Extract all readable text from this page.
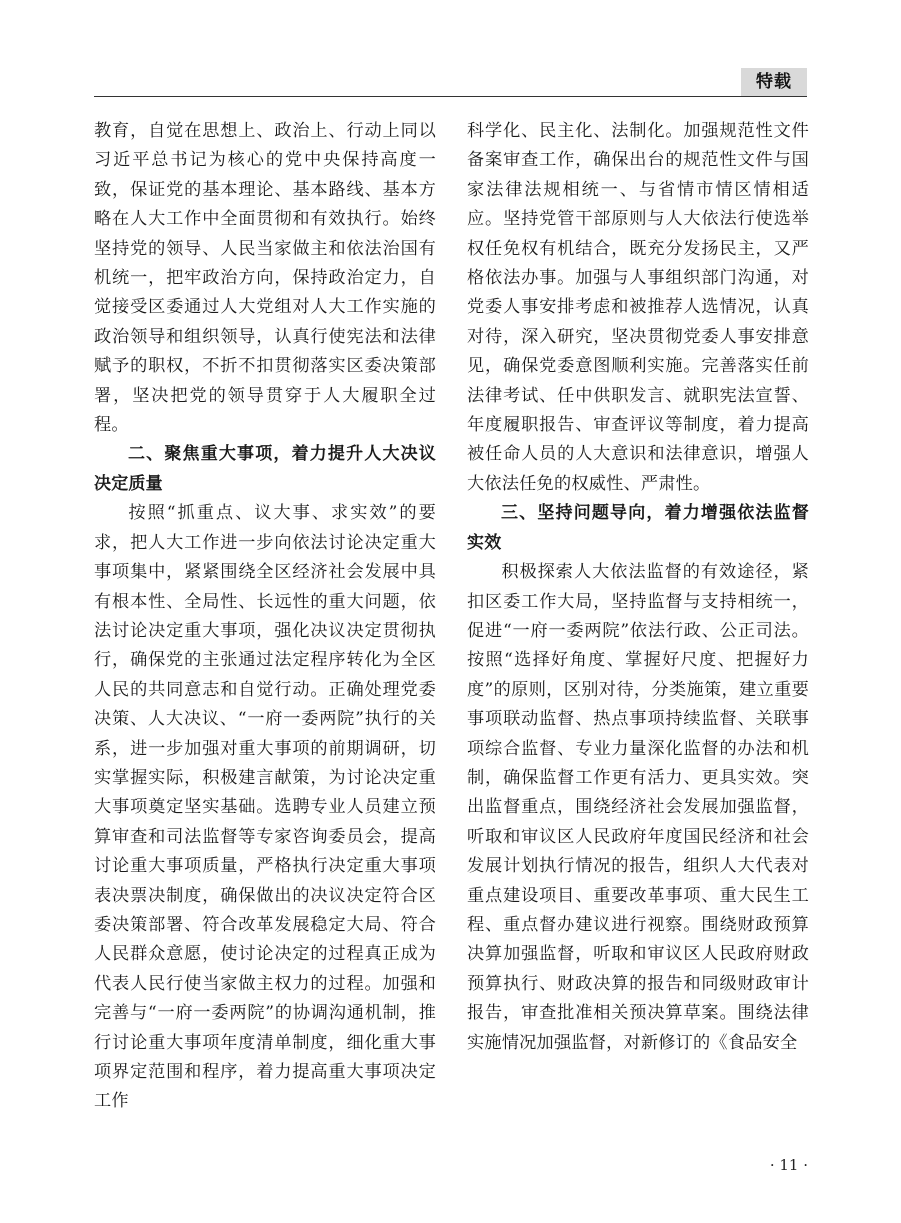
特载

教育，自觉在思想上、政治上、行动上同以习近平总书记为核心的党中央保持高度一致，保证党的基本理论、基本路线、基本方略在人大工作中全面贯彻和有效执行。始终坚持党的领导、人民当家做主和依法治国有机统一，把牢政治方向，保持政治定力，自觉接受区委通过人大党组对人大工作实施的政治领导和组织领导，认真行使宪法和法律赋予的职权，不折不扣贯彻落实区委决策部署，坚决把党的领导贯穿于人大履职全过程。

二、聚焦重大事项，着力提升人大决议决定质量

按照“抓重点、议大事、求实效”的要求，把人大工作进一步向依法讨论决定重大事项集中，紧紧围绕全区经济社会发展中具有根本性、全局性、长远性的重大问题，依法讨论决定重大事项，强化决议决定贯彻执行，确保党的主张通过法定程序转化为全区人民的共同意志和自觉行动。正确处理党委决策、人大决议、“一府一委两院”执行的关系，进一步加强对重大事项的前期调研，切实掌握实际，积极建言献策，为讨论决定重大事项奠定坚实基础。选聘专业人员建立预算审查和司法监督等专家咨询委员会，提高讨论重大事项质量，严格执行决定重大事项表决票决制度，确保做出的决议决定符合区委决策部署、符合改革发展稳定大局、符合人民群众意愿，使讨论决定的过程真正成为代表人民行使当家做主权力的过程。加强和完善与“一府一委两院”的协调沟通机制，推行讨论重大事项年度清单制度，细化重大事项界定范围和程序，着力提高重大事项决定工作

科学化、民主化、法制化。加强规范性文件备案审查工作，确保出台的规范性文件与国家法律法规相统一、与省情市情区情相适应。坚持党管干部原则与人大依法行使选举权任免权有机结合，既充分发扬民主，又严格依法办事。加强与人事组织部门沟通，对党委人事安排考虑和被推荐人选情况，认真对待，深入研究，坚决贯彻党委人事安排意见，确保党委意图顺利实施。完善落实任前法律考试、任中供职发言、就职宪法宣誓、年度履职报告、审查评议等制度，着力提高被任命人员的人大意识和法律意识，增强人大依法任免的权威性、严肃性。

三、坚持问题导向，着力增强依法监督实效

积极探索人大依法监督的有效途径，紧扣区委工作大局，坚持监督与支持相统一，促进“一府一委两院”依法行政、公正司法。按照“选择好角度、掌握好尺度、把握好力度”的原则，区别对待，分类施策，建立重要事项联动监督、热点事项持续监督、关联事项综合监督、专业力量深化监督的办法和机制，确保监督工作更有活力、更具实效。突出监督重点，围绕经济社会发展加强监督，听取和审议区人民政府年度国民经济和社会发展计划执行情况的报告，组织人大代表对重点建设项目、重要改革事项、重大民生工程、重点督办建议进行视察。围绕财政预算决算加强监督，听取和审议区人民政府财政预算执行、财政决算的报告和同级财政审计报告，审查批准相关预决算草案。围绕法律实施情况加强监督，对新修订的《食品安全

· 11 ·
